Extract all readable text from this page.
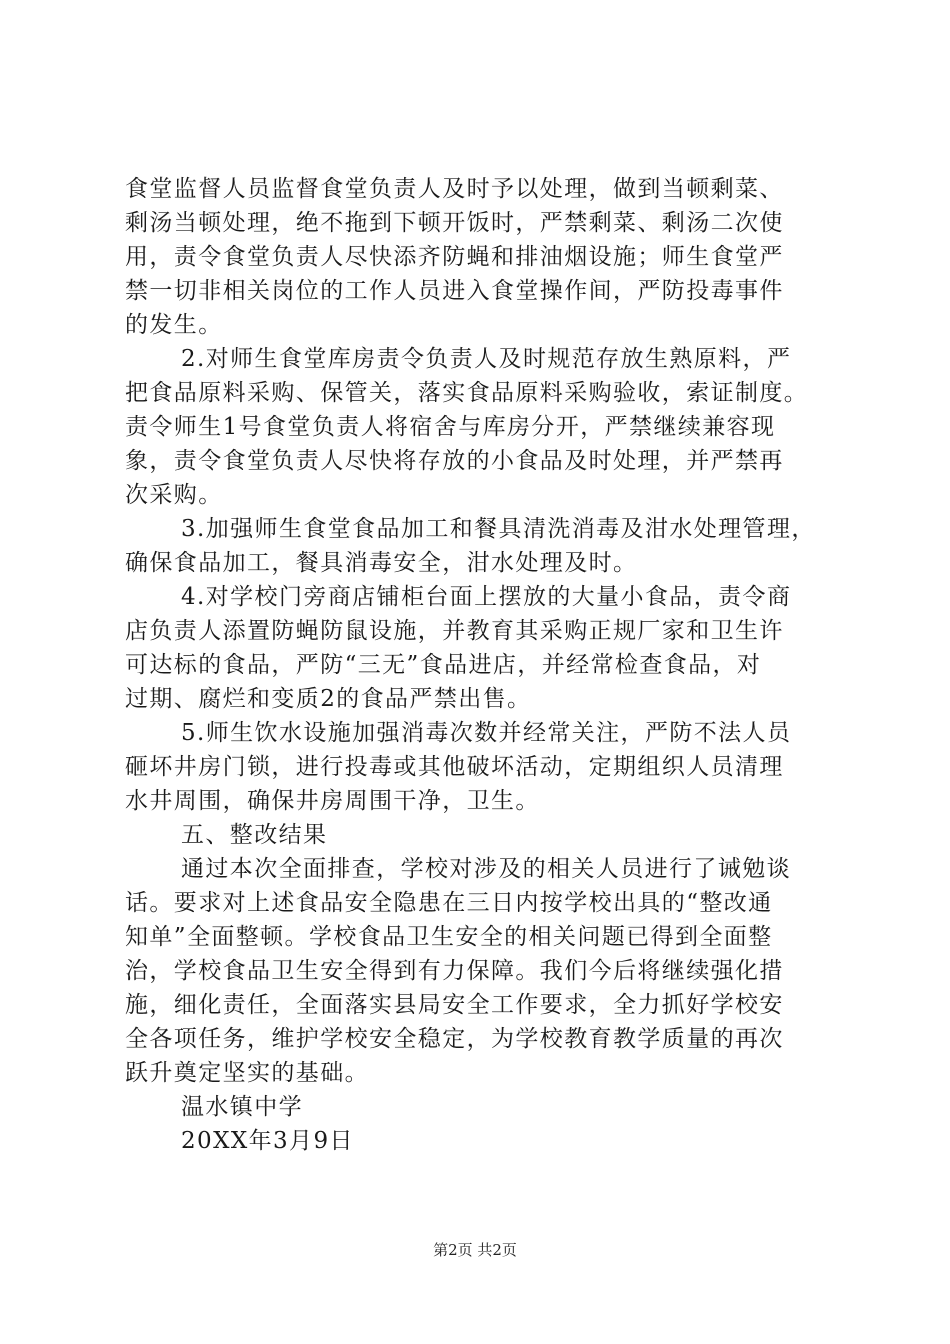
食堂监督人员监督食堂负责人及时予以处理，做到当顿剩菜、
剩汤当顿处理，绝不拖到下顿开饭时，严禁剩菜、剩汤二次使
用，责令食堂负责人尽快添齐防蝇和排油烟设施；师生食堂严
禁一切非相关岗位的工作人员进入食堂操作间，严防投毒事件
的发生。
2.对师生食堂库房责令负责人及时规范存放生熟原料，严
把食品原料采购、保管关，落实食品原料采购验收，索证制度。
责令师生1号食堂负责人将宿舍与库房分开，严禁继续兼容现
象，责令食堂负责人尽快将存放的小食品及时处理，并严禁再
次采购。
3.加强师生食堂食品加工和餐具清洗消毒及泔水处理管理，
确保食品加工，餐具消毒安全，泔水处理及时。
4.对学校门旁商店铺柜台面上摆放的大量小食品，责令商
店负责人添置防蝇防鼠设施，并教育其采购正规厂家和卫生许
可达标的食品，严防“三无”食品进店，并经常检查食品，对
过期、腐烂和变质2的食品严禁出售。
5.师生饮水设施加强消毒次数并经常关注，严防不法人员
砸坏井房门锁，进行投毒或其他破坏活动，定期组织人员清理
水井周围，确保井房周围干净，卫生。
五、整改结果
通过本次全面排查，学校对涉及的相关人员进行了诫勉谈
话。要求对上述食品安全隐患在三日内按学校出具的“整改通
知单”全面整顿。学校食品卫生安全的相关问题已得到全面整
治，学校食品卫生安全得到有力保障。我们今后将继续强化措
施，细化责任，全面落实县局安全工作要求，全力抓好学校安
全各项任务，维护学校安全稳定，为学校教育教学质量的再次
跃升奠定坚实的基础。
温水镇中学
20XX年3月9日
第2页 共2页
